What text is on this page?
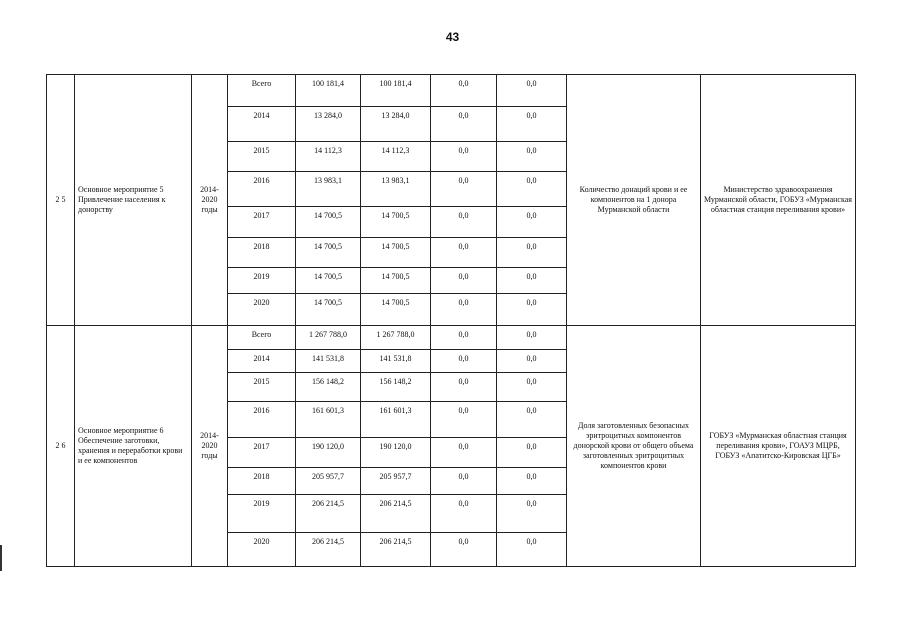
43
2 5	Основное мероприятие 5 Привлечение населения к донорству	2014-2020 годы	Всего	100 181,4	100 181,4	0,0	0,0	Количество донаций крови и ее компонентов на 1 донора Мурманской области	Министерство здравоохранения Мурманской области, ГОБУЗ «Мурманская областная станция переливания крови»
			2014	13 284,0	13 284,0	0,0	0,0		
			2015	14 112,3	14 112,3	0,0	0,0		
			2016	13 983,1	13 983,1	0,0	0,0		
			2017	14 700,5	14 700,5	0,0	0,0		
			2018	14 700,5	14 700,5	0,0	0,0		
			2019	14 700,5	14 700,5	0,0	0,0		
			2020	14 700,5	14 700,5	0,0	0,0		
2 6	Основное мероприятие 6 Обеспечение заготовки, хранения и переработки крови и ее компонентов	2014-2020 годы	Всего	1 267 788,0	1 267 788,0	0,0	0,0	Доля заготовленных безопасных эритроцитных компонентов донорской крови от общего объема заготовленных эритроцитных компонентов крови	ГОБУЗ «Мурманская областная станция переливания крови», ГОАУЗ МЦРБ, ГОБУЗ «Апатитско-Кировская ЦГБ»
			2014	141 531,8	141 531,8	0,0	0,0		
			2015	156 148,2	156 148,2	0,0	0,0		
			2016	161 601,3	161 601,3	0,0	0,0		
			2017	190 120,0	190 120,0	0,0	0,0		
			2018	205 957,7	205 957,7	0,0	0,0		
			2019	206 214,5	206 214,5	0,0	0,0		
			2020	206 214,5	206 214,5	0,0	0,0		
